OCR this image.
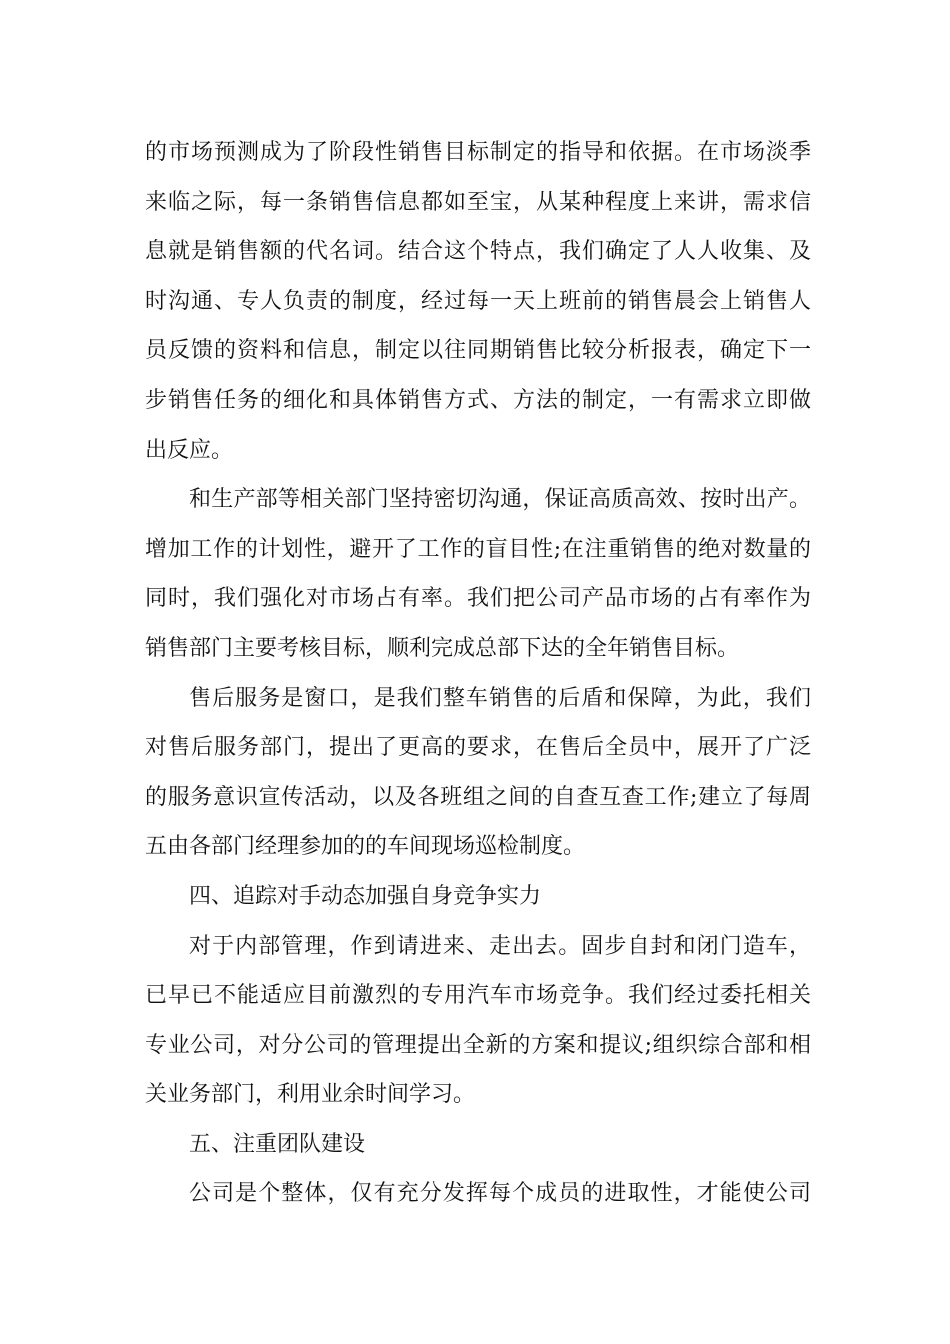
的市场预测成为了阶段性销售目标制定的指导和依据。在市场淡季
来临之际，每一条销售信息都如至宝，从某种程度上来讲，需求信
息就是销售额的代名词。结合这个特点，我们确定了人人收集、及
时沟通、专人负责的制度，经过每一天上班前的销售晨会上销售人
员反馈的资料和信息，制定以往同期销售比较分析报表，确定下一
步销售任务的细化和具体销售方式、方法的制定，一有需求立即做
出反应。
和生产部等相关部门坚持密切沟通，保证高质高效、按时出产。
增加工作的计划性，避开了工作的盲目性;在注重销售的绝对数量的
同时，我们强化对市场占有率。我们把公司产品市场的占有率作为
销售部门主要考核目标，顺利完成总部下达的全年销售目标。
售后服务是窗口，是我们整车销售的后盾和保障，为此，我们
对售后服务部门，提出了更高的要求，在售后全员中，展开了广泛
的服务意识宣传活动，以及各班组之间的自查互查工作;建立了每周
五由各部门经理参加的的车间现场巡检制度。
四、追踪对手动态加强自身竞争实力
对于内部管理，作到请进来、走出去。固步自封和闭门造车，
已早已不能适应目前激烈的专用汽车市场竞争。我们经过委托相关
专业公司，对分公司的管理提出全新的方案和提议;组织综合部和相
关业务部门，利用业余时间学习。
五、注重团队建设
公司是个整体，仅有充分发挥每个成员的进取性，才能使公司
